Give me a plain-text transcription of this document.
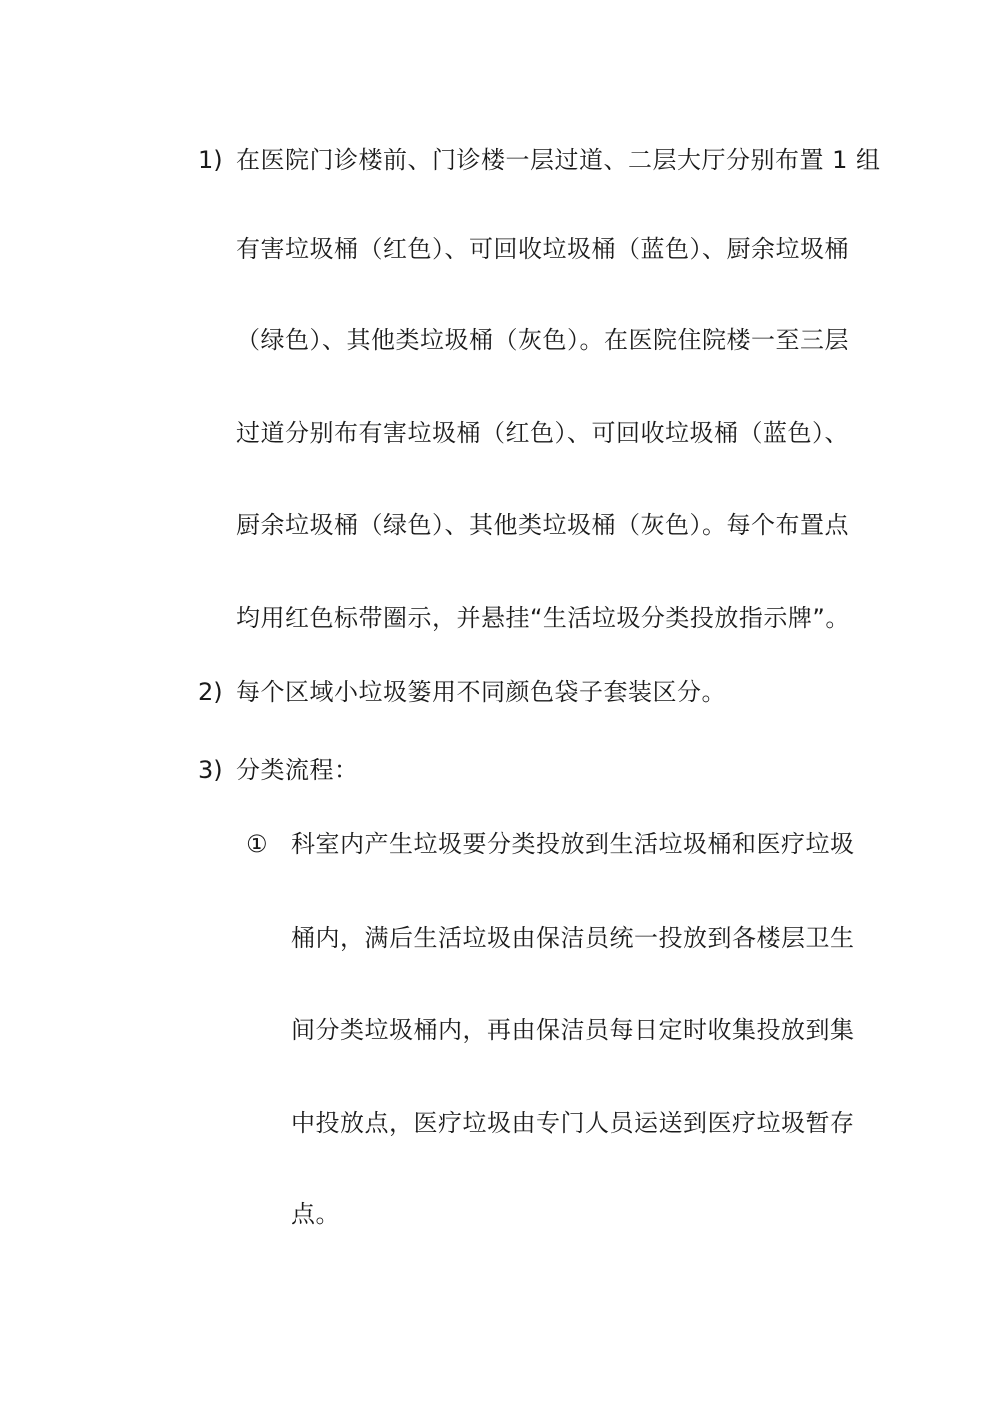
1) 在医院门诊楼前、门诊楼一层过道、二层大厅分别布置 1 组
有害垃圾桶（红色）、可回收垃圾桶（蓝色）、厨余垃圾桶
（绿色）、其他类垃圾桶（灰色）。在医院住院楼一至三层
过道分别布有害垃圾桶（红色）、可回收垃圾桶（蓝色）、
厨余垃圾桶（绿色）、其他类垃圾桶（灰色）。每个布置点
均用红色标带圈示，并悬挂“生活垃圾分类投放指示牌”。
2) 每个区域小垃圾篓用不同颜色袋子套装区分。
3) 分类流程：
① 科室内产生垃圾要分类投放到生活垃圾桶和医疗垃圾
桶内，满后生活垃圾由保洁员统一投放到各楼层卫生
间分类垃圾桶内，再由保洁员每日定时收集投放到集
中投放点，医疗垃圾由专门人员运送到医疗垃圾暂存
点。
